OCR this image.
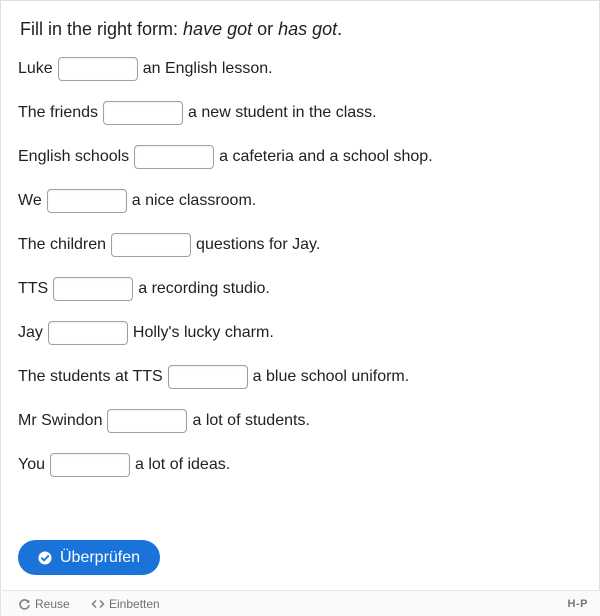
Fill in the right form: have got or has got.
Luke	an English lesson.
The friends	a new student in the class.
English schools	a cafeteria and a school shop.
We	a nice classroom.
The children	questions for Jay.
TTS	a recording studio.
Jay	Holly's lucky charm.
The students at TTS	a blue school uniform.
Mr Swindon	a lot of students.
You	a lot of ideas.
Überprüfen
Reuse	Einbetten	H-P
